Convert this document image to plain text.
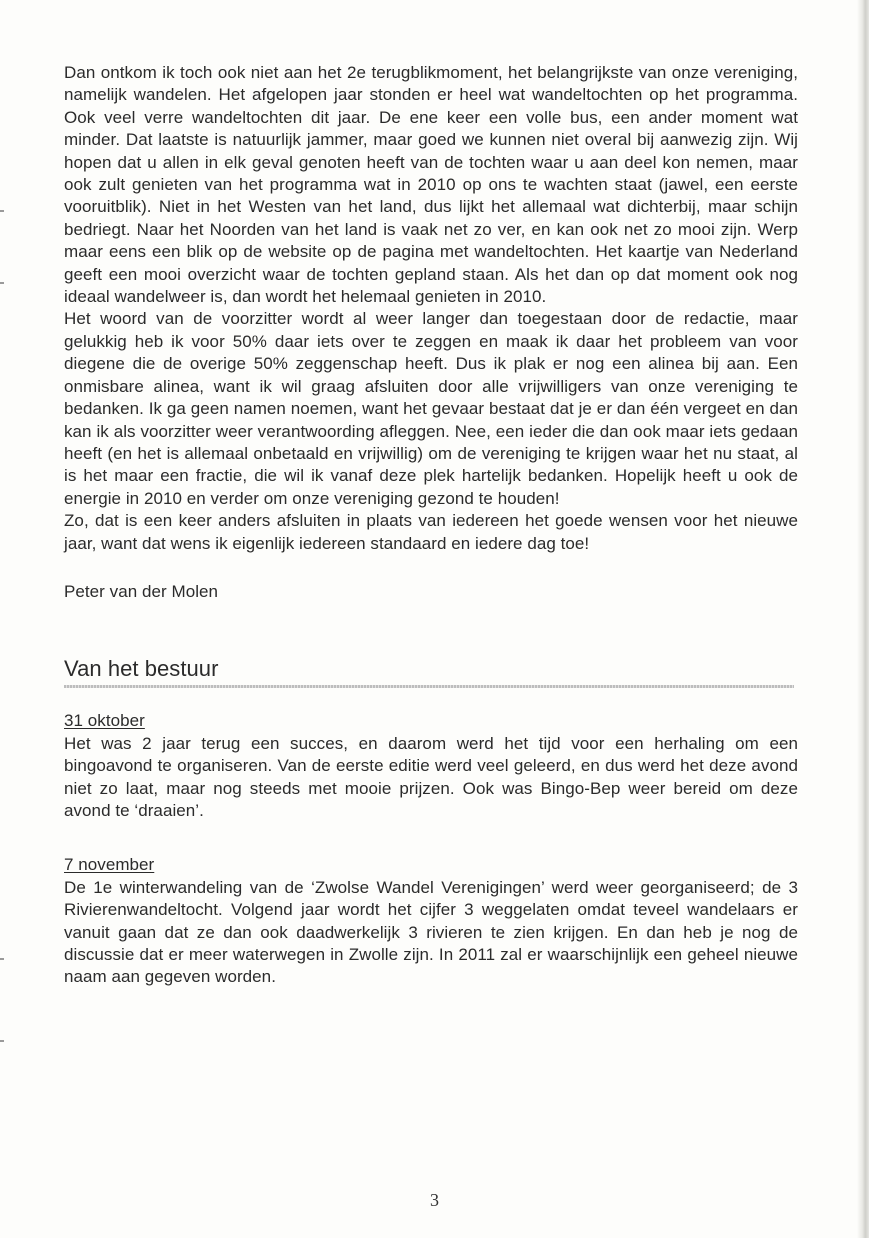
Dan ontkom ik toch ook niet aan het 2e terugblikmoment, het belangrijkste van onze vereniging, namelijk wandelen. Het afgelopen jaar stonden er heel wat wandeltochten op het programma. Ook veel verre wandeltochten dit jaar. De ene keer een volle bus, een ander moment wat minder. Dat laatste is natuurlijk jammer, maar goed we kunnen niet overal bij aanwezig zijn. Wij hopen dat u allen in elk geval genoten heeft van de tochten waar u aan deel kon nemen, maar ook zult genieten van het programma wat in 2010 op ons te wachten staat (jawel, een eerste vooruitblik). Niet in het Westen van het land, dus lijkt het allemaal wat dichterbij, maar schijn bedriegt. Naar het Noorden van het land is vaak net zo ver, en kan ook net zo mooi zijn. Werp maar eens een blik op de website op de pagina met wandeltochten. Het kaartje van Nederland geeft een mooi overzicht waar de tochten gepland staan. Als het dan op dat moment ook nog ideaal wandelweer is, dan wordt het helemaal genieten in 2010.

Het woord van de voorzitter wordt al weer langer dan toegestaan door de redactie, maar gelukkig heb ik voor 50% daar iets over te zeggen en maak ik daar het probleem van voor diegene die de overige 50% zeggenschap heeft. Dus ik plak er nog een alinea bij aan. Een onmisbare alinea, want ik wil graag afsluiten door alle vrijwilligers van onze vereniging te bedanken. Ik ga geen namen noemen, want het gevaar bestaat dat je er dan één vergeet en dan kan ik als voorzitter weer verantwoording afleggen. Nee, een ieder die dan ook maar iets gedaan heeft (en het is allemaal onbetaald en vrijwillig) om de vereniging te krijgen waar het nu staat, al is het maar een fractie, die wil ik vanaf deze plek hartelijk bedanken. Hopelijk heeft u ook de energie in 2010 en verder om onze vereniging gezond te houden!

Zo, dat is een keer anders afsluiten in plaats van iedereen het goede wensen voor het nieuwe jaar, want dat wens ik eigenlijk iedereen standaard en iedere dag toe!

Peter van der Molen

Van het bestuur

31 oktober

Het was 2 jaar terug een succes, en daarom werd het tijd voor een herhaling om een bingoavond te organiseren. Van de eerste editie werd veel geleerd, en dus werd het deze avond niet zo laat, maar nog steeds met mooie prijzen. Ook was Bingo-Bep weer bereid om deze avond te ‘draaien’.

7 november

De 1e winterwandeling van de ‘Zwolse Wandel Verenigingen’ werd weer georganiseerd; de 3 Rivierenwandeltocht. Volgend jaar wordt het cijfer 3 weggelaten omdat teveel wandelaars er vanuit gaan dat ze dan ook daadwerkelijk 3 rivieren te zien krijgen. En dan heb je nog de discussie dat er meer waterwegen in Zwolle zijn. In 2011 zal er waarschijnlijk een geheel nieuwe naam aan gegeven worden.

3
